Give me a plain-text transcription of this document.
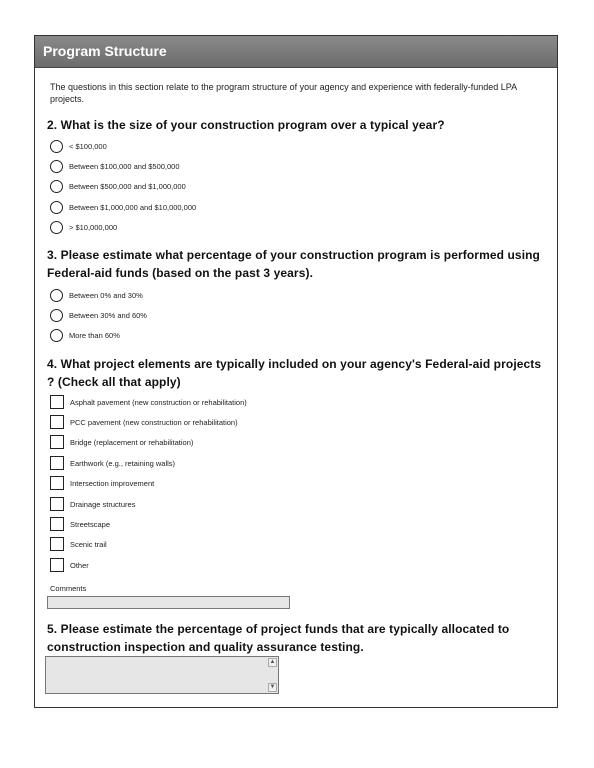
Program Structure
The questions in this section relate to the program structure of your agency and experience with federally-funded LPA projects.
2. What is the size of your construction program over a typical year?
< $100,000
Between $100,000 and $500,000
Between $500,000 and $1,000,000
Between $1,000,000 and $10,000,000
> $10,000,000
3. Please estimate what percentage of your construction program is performed using Federal-aid funds (based on the past 3 years).
Between 0% and 30%
Between 30% and 60%
More than 60%
4. What project elements are typically included on your agency's Federal-aid projects ? (Check all that apply)
Asphalt pavement (new construction or rehabilitation)
PCC pavement (new construction or rehabilitation)
Bridge (replacement or rehabilitation)
Earthwork (e.g., retaining walls)
Intersection improvement
Drainage structures
Streetscape
Scenic trail
Other
Comments
5. Please estimate the percentage of project funds that are typically allocated to construction inspection and quality assurance testing.
▲
▼
